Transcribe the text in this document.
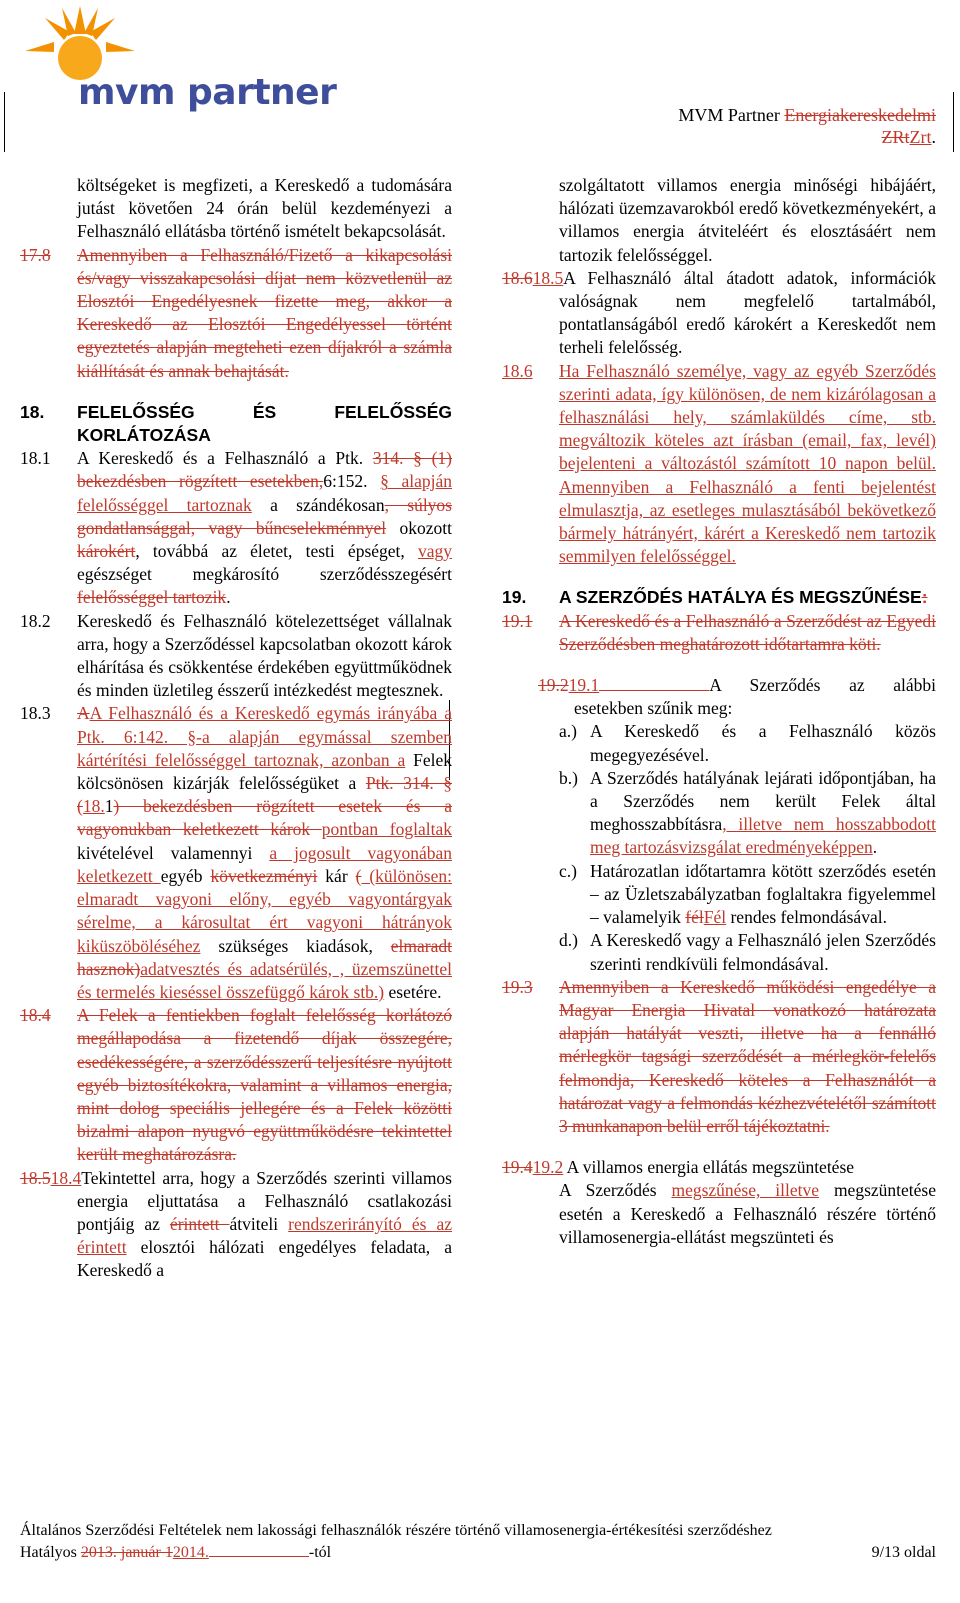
mvm partner
MVM Partner Energiakereskedelmi
ZRtZrt.

költségeket is megfizeti, a Kereskedő a tudomására jutást követően 24 órán belül kezdeményezi a Felhasználó ellátásba történő ismételt bekapcsolását.

17.8 Amennyiben a Felhasználó/Fizető a kikapcsolási és/vagy visszakapcsolási díjat nem közvetlenül az Elosztói Engedélyesnek fizette meg, akkor a Kereskedő az Elosztói Engedélyessel történt egyeztetés alapján megteheti ezen díjakról a számla kiállítását és annak behajtását.

18. FELELŐSSÉG ÉS FELELŐSSÉG KORLÁTOZÁSA

18.1 A Kereskedő és a Felhasználó a Ptk. 314. § (1) bekezdésben rögzített esetekben,6:152. § alapján felelősséggel tartoznak a szándékosan, súlyos gondatlansággal, vagy bűncselekménnyel okozott károkért, továbbá az életet, testi épséget, vagy egészséget megkárosító szerződésszegésért felelősséggel tartozik.

18.2 Kereskedő és Felhasználó kötelezettséget vállalnak arra, hogy a Szerződéssel kapcsolatban okozott károk elhárítása és csökkentése érdekében együttműködnek és minden üzletileg ésszerű intézkedést megtesznek.

18.3 AA Felhasználó és a Kereskedő egymás irányába a Ptk. 6:142. §-a alapján egymással szemben kártérítési felelősséggel tartoznak, azonban a Felek kölcsönösen kizárják felelősségüket a Ptk. 314. § (18.1) bekezdésben rögzített esetek és a vagyonukban keletkezett károk pontban foglaltak kivételével valamennyi a jogosult vagyonában keletkezett egyéb következményi kár ( (különösen: elmaradt vagyoni előny, egyéb vagyontárgyak sérelme, a károsultat ért vagyoni hátrányok kiküszöböléséhez szükséges kiadások, elmaradt hasznok)adatvesztés és adatsérülés, , üzemszünettel és termelés kieséssel összefüggő károk stb.) esetére.

18.4 A Felek a fentiekben foglalt felelősség korlátozó megállapodása a fizetendő díjak összegére, esedékességére, a szerződésszerű teljesítésre nyújtott egyéb biztosítékokra, valamint a villamos energia, mint dolog speciális jellegére és a Felek közötti bizalmi alapon nyugvó együttműködésre tekintettel került meghatározásra.

18.518.4Tekintettel arra, hogy a Szerződés szerinti villamos energia eljuttatása a Felhasználó csatlakozási pontjáig az érintett átviteli rendszerirányító és az érintett elosztói hálózati engedélyes feladata, a Kereskedő a

szolgáltatott villamos energia minőségi hibájáért, hálózati üzemzavarokból eredő következményekért, a villamos energia átviteléért és elosztásáért nem tartozik felelősséggel.

18.618.5A Felhasználó által átadott adatok, információk valóságnak nem megfelelő tartalmából, pontatlanságából eredő károkért a Kereskedőt nem terheli felelősség.

18.6 Ha Felhasználó személye, vagy az egyéb Szerződés szerinti adata, így különösen, de nem kizárólagosan a felhasználási hely, számlaküldés címe, stb. megváltozik köteles azt írásban (email, fax, levél) bejelenteni a változástól számított 10 napon belül. Amennyiben a Felhasználó a fenti bejelentést elmulasztja, az esetleges mulasztásából bekövetkező bármely hátrányért, kárért a Kereskedő nem tartozik semmilyen felelősséggel.

19. A SZERZŐDÉS HATÁLYA ÉS MEGSZŰNÉSE:

19.1 A Kereskedő és a Felhasználó a Szerződést az Egyedi Szerződésben meghatározott időtartamra köti.

19.219.1	A Szerződés az alábbi esetekben szűnik meg:

a.) A Kereskedő és a Felhasználó közös megegyezésével.

b.) A Szerződés hatályának lejárati időpontjában, ha a Szerződés nem került Felek által meghosszabbításra, illetve nem hosszabbodott meg tartozásvizsgálat eredményeképpen.

c.) Határozatlan időtartamra kötött szerződés esetén – az Üzletszabályzatban foglaltakra figyelemmel – valamelyik félFél rendes felmondásával.

d.) A Kereskedő vagy a Felhasználó jelen Szerződés szerinti rendkívüli felmondásával.

19.3 Amennyiben a Kereskedő működési engedélye a Magyar Energia Hivatal vonatkozó határozata alapján hatályát veszti, illetve ha a fennálló mérlegkör tagsági szerződését a mérlegkör-felelős felmondja, Kereskedő köteles a Felhasználót a határozat vagy a felmondás kézhezvételétől számított 3 munkanapon belül erről tájékoztatni.

19.419.2 A villamos energia ellátás megszüntetése

A Szerződés megszűnése, illetve megszüntetése esetén a Kereskedő a Felhasználó részére történő villamosenergia-ellátást megszünteti és

Általános Szerződési Feltételek nem lakossági felhasználók részére történő villamosenergia-értékesítési szerződéshez
Hatályos 2013. január 12014.	-tól	9/13 oldal
